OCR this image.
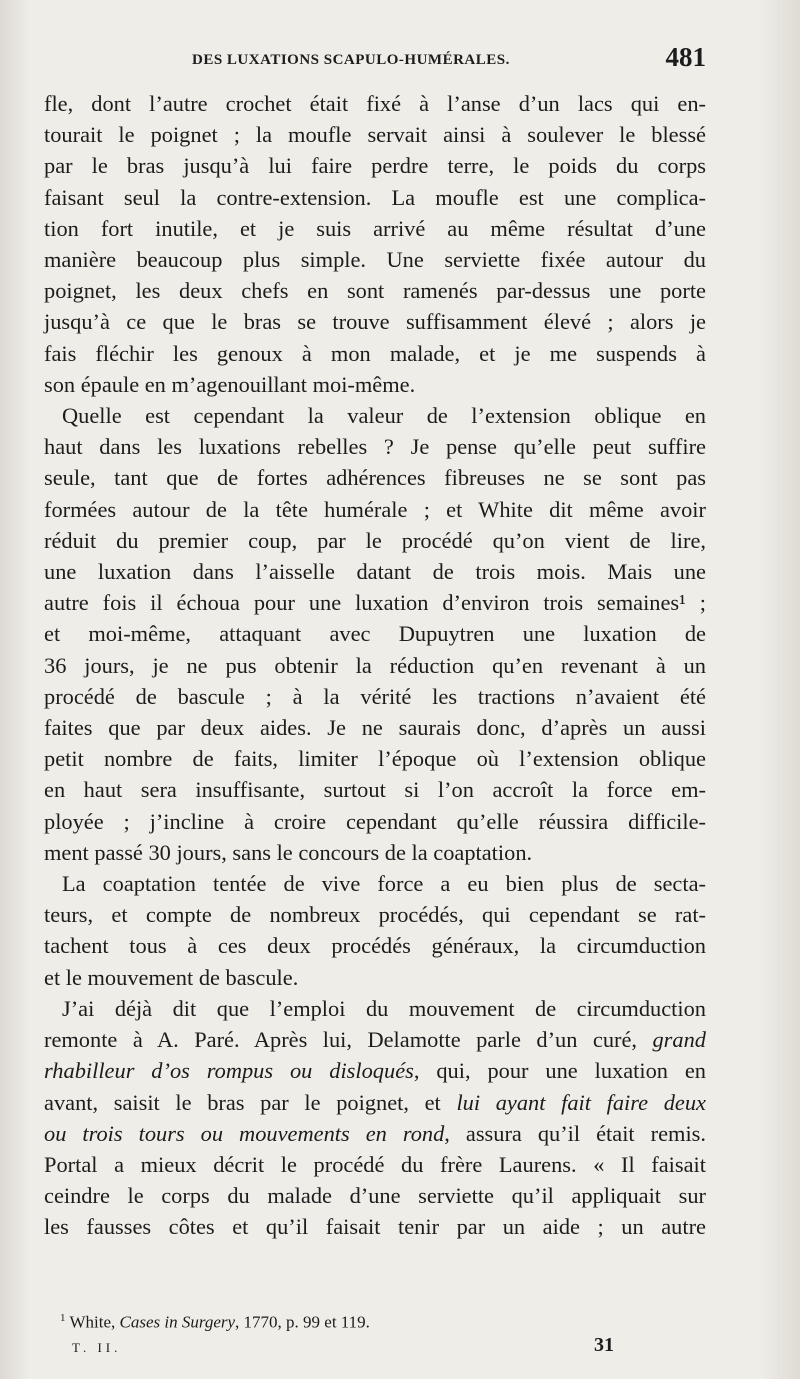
DES LUXATIONS SCAPULO-HUMÉRALES.	481
fle, dont l’autre crochet était fixé à l’anse d’un lacs qui en-
tourait le poignet ; la moufle servait ainsi à soulever le blessé
par le bras jusqu’à lui faire perdre terre, le poids du corps
faisant seul la contre-extension. La moufle est une complica-
tion fort inutile, et je suis arrivé au même résultat d’une
manière beaucoup plus simple. Une serviette fixée autour du
poignet, les deux chefs en sont ramenés par-dessus une porte
jusqu’à ce que le bras se trouve suffisamment élevé ; alors je
fais fléchir les genoux à mon malade, et je me suspends à
son épaule en m’agenouillant moi-même.
Quelle est cependant la valeur de l’extension oblique en
haut dans les luxations rebelles ? Je pense qu’elle peut suffire
seule, tant que de fortes adhérences fibreuses ne se sont pas
formées autour de la tête humérale ; et White dit même avoir
réduit du premier coup, par le procédé qu’on vient de lire,
une luxation dans l’aisselle datant de trois mois. Mais une
autre fois il échoua pour une luxation d’environ trois semaines¹ ;
et moi-même, attaquant avec Dupuytren une luxation de
36 jours, je ne pus obtenir la réduction qu’en revenant à un
procédé de bascule ; à la vérité les tractions n’avaient été
faites que par deux aides. Je ne saurais donc, d’après un aussi
petit nombre de faits, limiter l’époque où l’extension oblique
en haut sera insuffisante, surtout si l’on accroît la force em-
ployée ; j’incline à croire cependant qu’elle réussira difficile-
ment passé 30 jours, sans le concours de la coaptation.
La coaptation tentée de vive force a eu bien plus de secta-
teurs, et compte de nombreux procédés, qui cependant se rat-
tachent tous à ces deux procédés généraux, la circumduction
et le mouvement de bascule.
J’ai déjà dit que l’emploi du mouvement de circumduction
remonte à A. Paré. Après lui, Delamotte parle d’un curé, grand
rhabilleur d’os rompus ou disloqués, qui, pour une luxation en
avant, saisit le bras par le poignet, et lui ayant fait faire deux
ou trois tours ou mouvements en rond, assura qu’il était remis.
Portal a mieux décrit le procédé du frère Laurens. « Il faisait
ceindre le corps du malade d’une serviette qu’il appliquait sur
les fausses côtes et qu’il faisait tenir par un aide ; un autre
$^1$ White, Cases in Surgery, 1770, p. 99 et 119.
T. II.	31
